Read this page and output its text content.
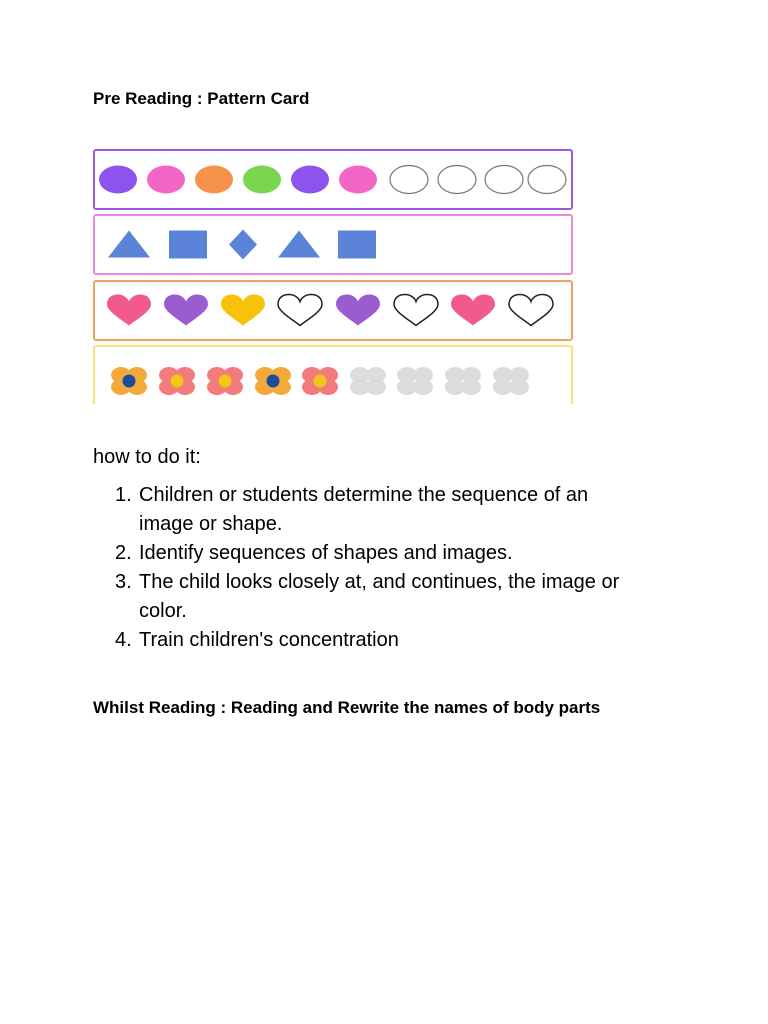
Pre Reading : Pattern Card
how to do it:
1. Children or students determine the sequence of an
image or shape.
2. Identify sequences of shapes and images.
3. The child looks closely at, and continues, the image or
color.
4. Train children's concentration
Whilst Reading : Reading and Rewrite the names of body parts
